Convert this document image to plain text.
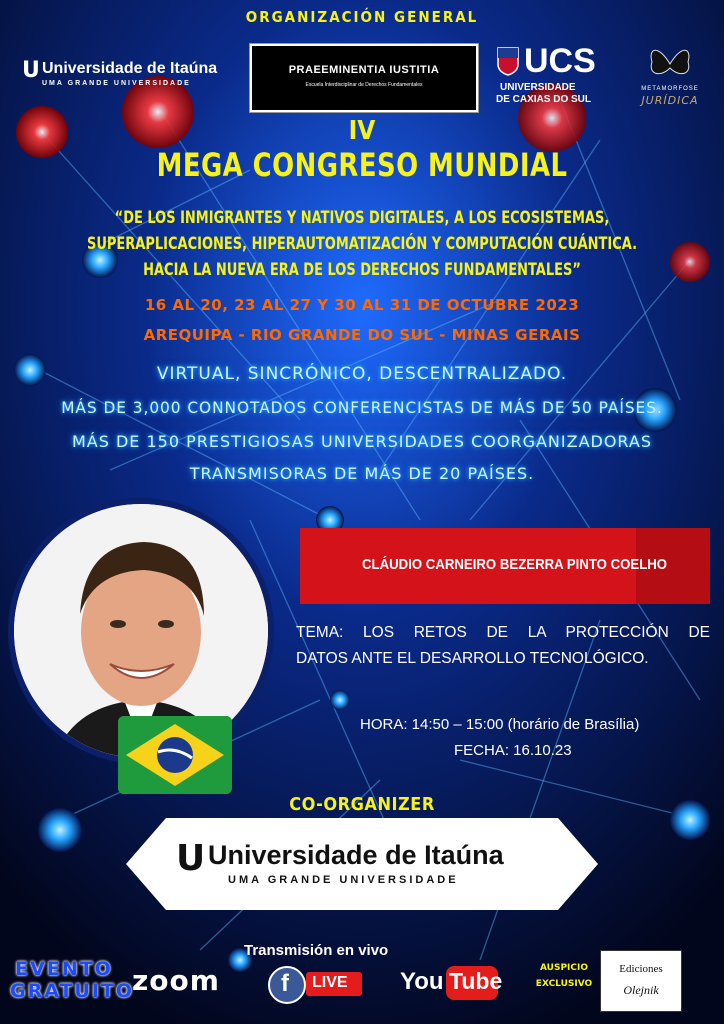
ORGANIZACIÓN GENERAL
Ս Universidade de Itaúna
UMA GRANDE UNIVERSIDADE
PRAEEMINENTIA IUSTITIA
Escuela Interdisciplinar de Derechos Fundamentales
UCS
UNIVERSIDADE
DE CAXIAS DO SUL
METAMORFOSE
JURÍDICA
IV
MEGA CONGRESO MUNDIAL
“DE LOS INMIGRANTES Y NATIVOS DIGITALES, A LOS ECOSISTEMAS,
SUPERAPLICACIONES, HIPERAUTOMATIZACIÓN Y COMPUTACIÓN CUÁNTICA.
HACIA LA NUEVA ERA DE LOS DERECHOS FUNDAMENTALES”
16 AL 20, 23 AL 27 Y 30 AL 31 DE OCTUBRE 2023
AREQUIPA - RIO GRANDE DO SUL - MINAS GERAIS
VIRTUAL, SINCRÓNICO, DESCENTRALIZADO.
MÁS DE 3,000 CONNOTADOS CONFERENCISTAS DE MÁS DE 50 PAÍSES.
MÁS DE 150 PRESTIGIOSAS UNIVERSIDADES COORGANIZADORAS
TRANSMISORAS DE MÁS DE 20 PAÍSES.
CLÁUDIO CARNEIRO BEZERRA PINTO COELHO
TEMA: LOS RETOS DE LA PROTECCIÓN DE
DATOS ANTE EL DESARROLLO TECNOLÓGICO.
HORA: 14:50 – 15:00 (horário de Brasília)
FECHA: 16.10.23
CO-ORGANIZER
Ս Universidade de Itaúna
UMA GRANDE UNIVERSIDADE
EVENTO
GRATUITO
zoom
Transmisión en vivo
f LIVE You Tube	AUSPICIO
EXCLUSIVO
Ediciones
Olejnik
